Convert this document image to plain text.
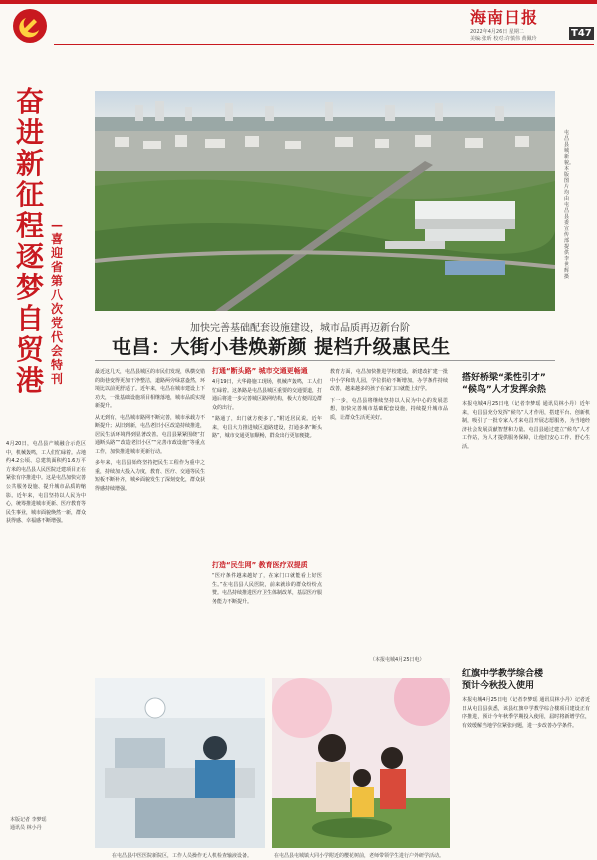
海南日报
2022年4月26日 星期二
美编:张昕 校对:许慎伟 黄佩玲	T47
奋
进
新
征
程
逐
梦
自
贸
港
—
喜
迎
省
第
八
次
党
代
会
特
刊
4月20日，屯昌县产城融合示范区中，机械轰鸣，工人们忙碌着。占地约4.2公顷、总建筑面积约1.6万平方米的屯昌县人民医院迁建项目正在紧张有序推进中。这是屯昌加快完善公共服务设施、提升城市品质的缩影。近年来，屯昌坚持以人民为中心，统筹推进城市更新、医疗教育等民生事业，城市面貌焕然一新，群众获得感、幸福感不断增强。
本版记者 李梦瑶
通讯员 林小丹
屯昌县城新貌。本版图片均由屯昌县委宣传部提供 李世辉 摄
加快完善基础配套设施建设，城市品质再迈新台阶
屯昌：大街小巷焕新颜 提档升级惠民生

最近这几天，屯昌县城区的市民们发现，纵横交错的街巷变得更加干净整洁，道路两旁绿意盎然，环境比以前更舒适了。近年来，屯昌在城市建设上下功夫，一批基础设施项目相继落地，城市品质实现新提升。

从无到有，屯昌城市路网不断完善，城市承载力不断提升；从旧到新，屯昌老旧小区改造持续推进，居民生活环境得到显著改善。屯昌县紧紧围绕“打通断头路”“改造老旧小区”“完善市政设施”等重点工作，加快推进城市更新行动。

多年来，屯昌县始终坚持把民生工程作为重中之重，持续加大投入力度，教育、医疗、交通等民生短板不断补齐，城乡面貌发生了深刻变化，群众获得感持续增强。

打通“断头路” 城市交通更畅通

4月19日，大华路施工现场，机械声轰鸣，工人们忙碌着。这条路是屯昌县城区重要的交通要道，打通后将进一步完善城区路网结构，极大方便周边群众的出行。

“路通了，出门就方便多了。”附近居民说。近年来，屯昌大力推进城区道路建设，打通多条“断头路”，城市交通更加顺畅，群众出行更加便捷。

打造“民生网” 教育医疗双提质
“医疗条件越来越好了，在家门口就能看上好医生。”在屯昌县人民医院，前来就诊的群众纷纷点赞。屯昌持续推进医疗卫生体制改革，基层医疗服务能力不断提升。

教育方面，屯昌加快推进学校建设，新建改扩建一批中小学和幼儿园，学位供给不断增加，办学条件持续改善，越来越多的孩子在家门口就能上好学。

下一步，屯昌县将继续坚持以人民为中心的发展思想，加快完善城市基础配套设施，持续提升城市品质，让群众生活更美好。

（本报屯城4月25日电）
搭好桥梁“柔性引才”
“候鸟”人才发挥余热
本报屯城4月25日电（记者李梦瑶 通讯员林小丹）近年来，屯昌县充分发挥“候鸟”人才作用，搭建平台、创新机制，吸引了一批专家人才来屯昌开展志愿服务，为当地经济社会发展贡献智慧和力量。屯昌县通过建立“候鸟”人才工作站，为人才提供服务保障，让他们安心工作、舒心生活。
红旗中学教学综合楼
预计今秋投入使用
本报屯城4月25日电（记者李梦瑶 通讯员林小丹）记者近日从屯昌县获悉，该县红旗中学教学综合楼项目建设正有序推进，预计今年秋季学期投入使用，届时将新增学位，有效缓解当地学位紧张问题，进一步改善办学条件。
在屯昌县中医医院新院区，工作人员操作无人机检查输液设备。	在屯昌县屯城镇大同小学附近的樱花树前，老师带领学生进行户外研学活动。
